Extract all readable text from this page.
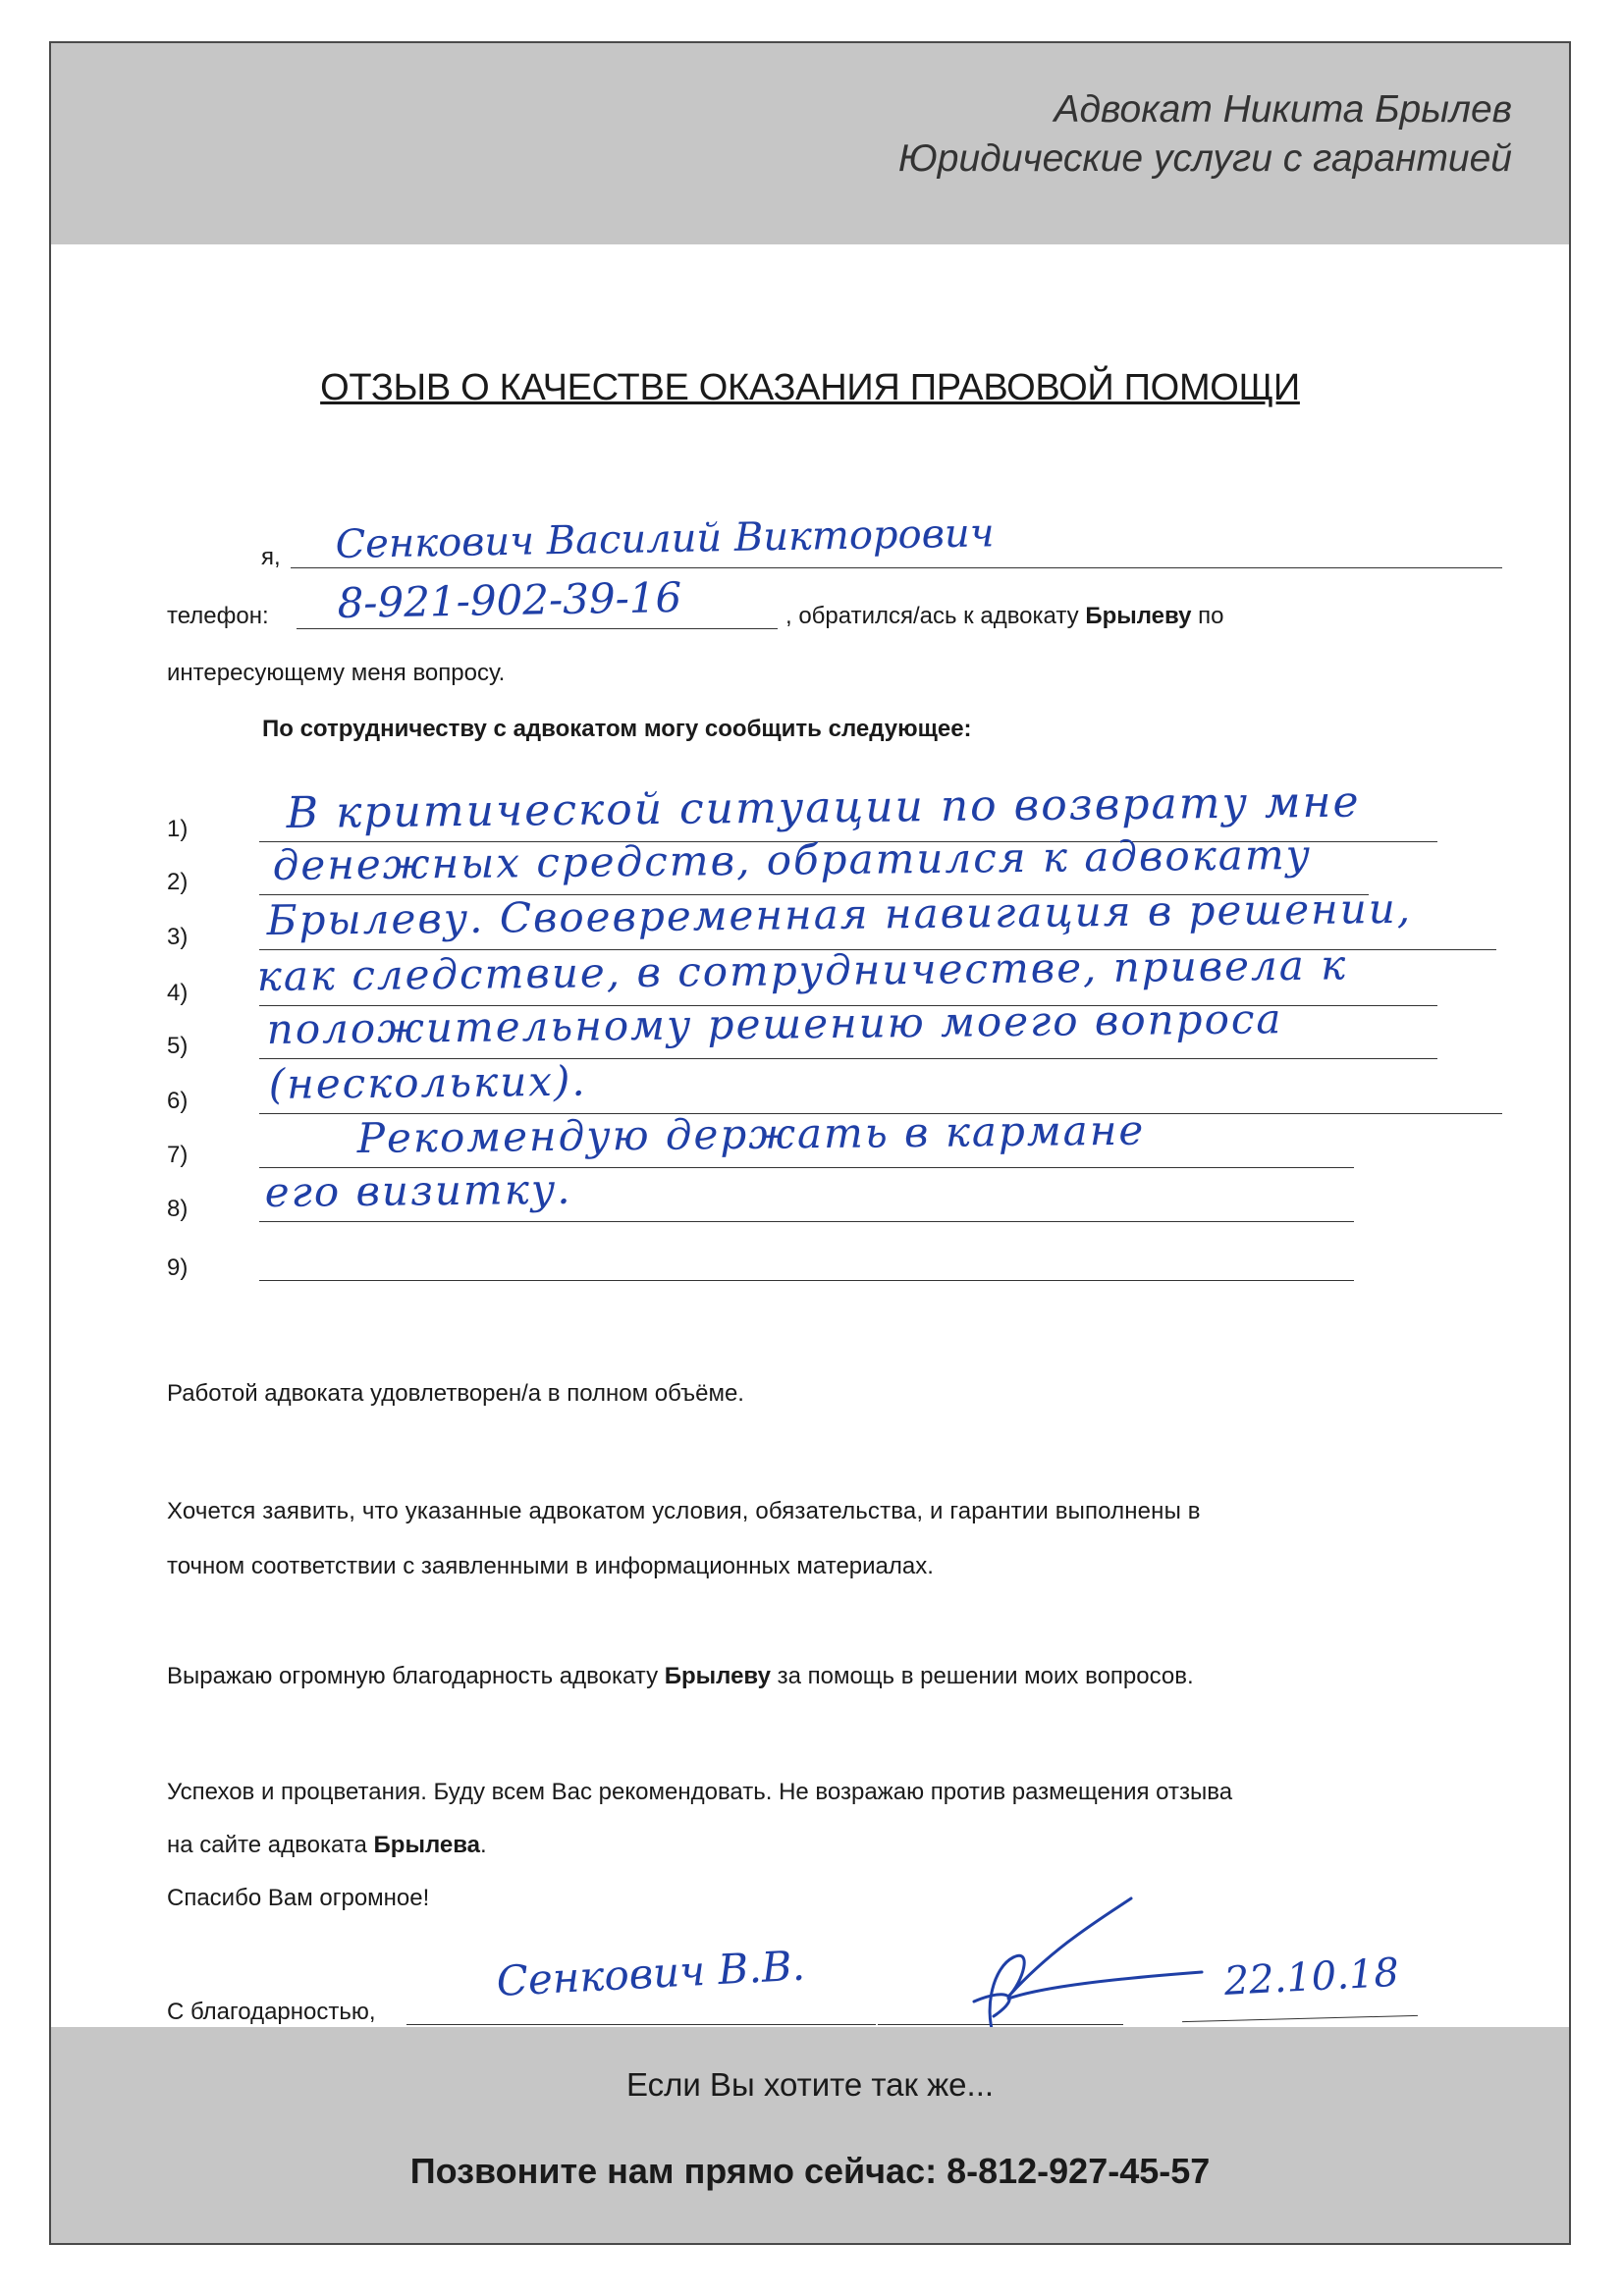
Адвокат Никита Брылев
Юридические услуги с гарантией
ОТЗЫВ О КАЧЕСТВЕ ОКАЗАНИЯ ПРАВОВОЙ ПОМОЩИ
я, Сенкович Василий Викторович
телефон: 8-921-902-39-16	, обратился/ась к адвокату Брылеву по
интересующему меня вопросу.
По сотрудничеству с адвокатом могу сообщить следующее:
1) В критической ситуации по возврату мне
2) денежных средств, обратился к адвокату
3) Брылеву. Своевременная навигация в решении,
4) как следствие, в сотрудничестве, привела к
5) положительному решению моего вопроса
6) (нескольких).
7)	Рекомендую держать в кармане
8) его визитку.
9)
Работой адвоката удовлетворен/а в полном объёме.
Хочется заявить, что указанные адвокатом условия, обязательства, и гарантии выполнены в
точном соответствии с заявленными в информационных материалах.
Выражаю огромную благодарность адвокату Брылеву за помощь в решении моих вопросов.
Успехов и процветания. Буду всем Вас рекомендовать. Не возражаю против размещения отзыва
на сайте адвоката Брылева.
Спасибо Вам огромное!
С благодарностью,
Сенкович В.В.	22.10.18
Если Вы хотите так же...
Позвоните нам прямо сейчас: 8-812-927-45-57
